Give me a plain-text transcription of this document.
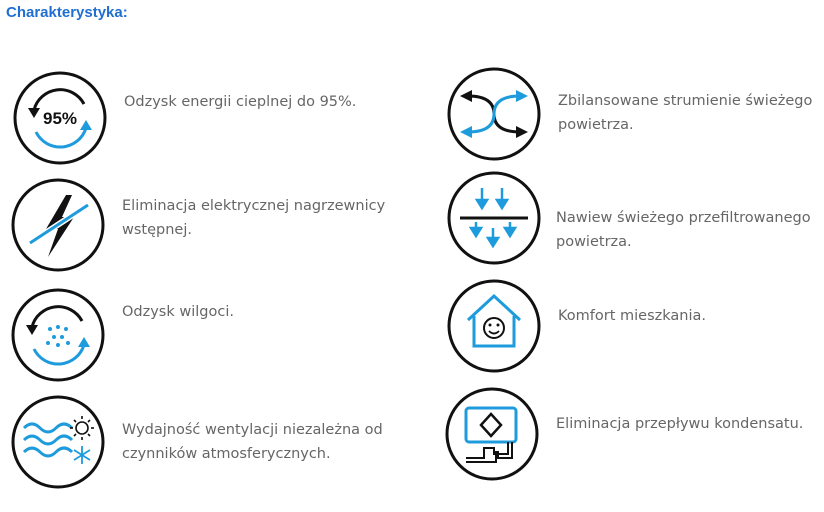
Charakterystyka:
95%
Odzysk energii cieplnej do 95%.
Eliminacja elektrycznej nagrzewnicy wstępnej.
Odzysk wilgoci.
Wydajność wentylacji niezależna od czynników atmosferycznych.
Zbilansowane strumienie świeżego powietrza.
Nawiew świeżego przefiltrowanego powietrza.
Komfort mieszkania.
Eliminacja przepływu kondensatu.
